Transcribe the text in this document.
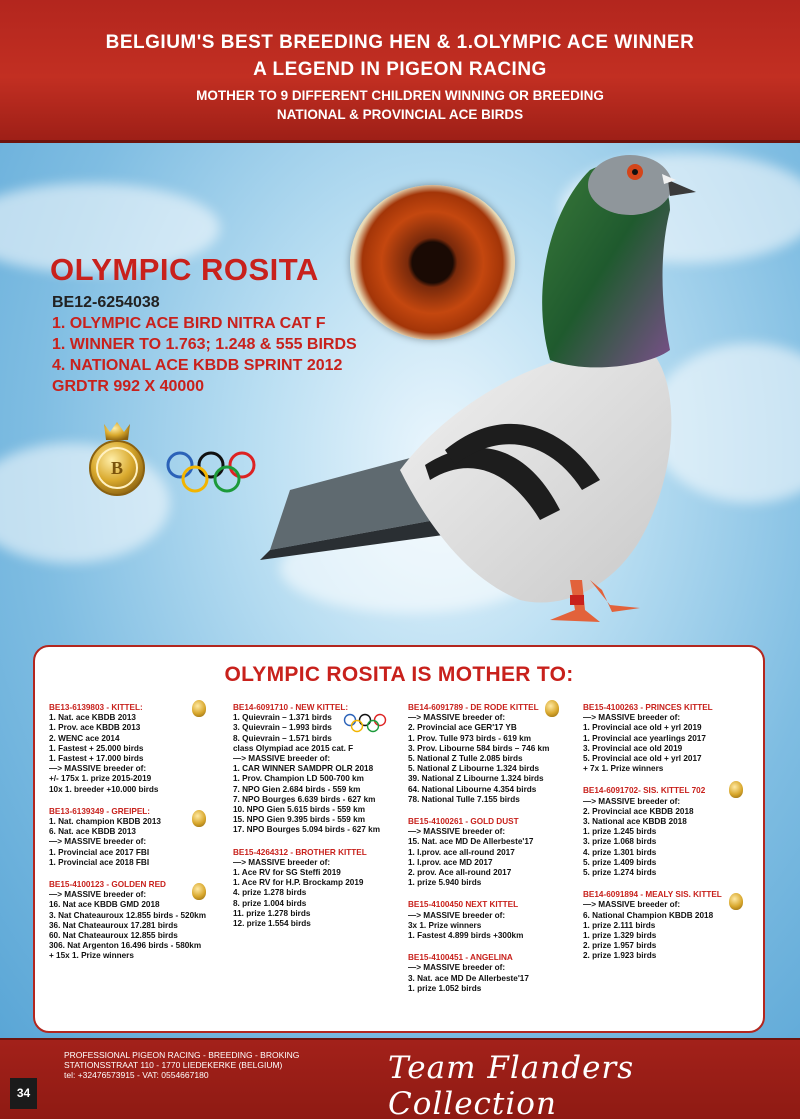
BELGIUM'S BEST BREEDING HEN & 1.OLYMPIC ACE WINNER
A LEGEND IN PIGEON RACING
MOTHER TO 9 DIFFERENT CHILDREN WINNING OR BREEDING
NATIONAL & PROVINCIAL ACE BIRDS
OLYMPIC ROSITA
BE12-6254038
1. OLYMPIC ACE BIRD NITRA CAT F
1. WINNER TO 1.763; 1.248 & 555 BIRDS
4. NATIONAL ACE KBDB SPRINT 2012
GRDTR 992 X 40000
B
OLYMPIC ROSITA IS MOTHER TO:
BE13-6139803 - KITTEL:
1. Nat. ace KBDB 2013
1. Prov. ace KBDB 2013
2. WENC ace 2014
1. Fastest + 25.000 birds
1. Fastest + 17.000 birds
—> MASSIVE breeder of:
+/- 175x 1. prize 2015-2019
10x 1. breeder +10.000 birds
BE13-6139349 - GREIPEL:
1. Nat. champion KBDB 2013
6. Nat. ace KBDB 2013
—> MASSIVE breeder of:
1. Provincial ace 2017 FBI
1. Provincial ace 2018 FBI
BE15-4100123 - GOLDEN RED
—> MASSIVE breeder of:
16. Nat ace KBDB GMD 2018
3. Nat Chateauroux 12.855 birds - 520km
36. Nat Chateauroux 17.281 birds
60. Nat Chateauroux 12.855 birds
306. Nat Argenton 16.496 birds - 580km
+ 15x 1. Prize winners
BE14-6091710 - NEW KITTEL:
1. Quievrain – 1.371 birds
3. Quievrain – 1.993 birds
8. Quievrain – 1.571 birds
class Olympiad ace 2015 cat. F
—> MASSIVE breeder of:
1. CAR WINNER SAMDPR OLR 2018
1. Prov. Champion LD 500-700 km
7. NPO Gien 2.684 birds - 559 km
7. NPO Bourges 6.639 birds - 627 km
10. NPO Gien 5.615 birds - 559 km
15. NPO Gien 9.395 birds - 559 km
17. NPO Bourges 5.094 birds - 627 km
BE15-4264312 - BROTHER KITTEL
—> MASSIVE breeder of:
1. Ace RV for SG Steffi 2019
1. Ace RV for H.P. Brockamp 2019
4. prize 1.278 birds
8. prize 1.004 birds
11. prize 1.278 birds
12. prize 1.554 birds
BE14-6091789 - DE RODE KITTEL
—> MASSIVE breeder of:
2. Provincial ace GER'17 YB
1. Prov. Tulle 973 birds - 619 km
3. Prov. Libourne 584 birds – 746 km
5. National Z Tulle 2.085 birds
5. National Z Libourne 1.324 birds
39. National Z Libourne 1.324 birds
64. National Libourne 4.354 birds
78. National Tulle 7.155 birds
BE15-4100261 - GOLD DUST
—> MASSIVE breeder of:
15. Nat. ace MD De Allerbeste'17
1. I.prov. ace all-round 2017
1. I.prov. ace MD 2017
2. prov. Ace all-round 2017
1. prize 5.940 birds
BE15-4100450 NEXT KITTEL
—> MASSIVE breeder of:
3x 1. Prize winners
1. Fastest 4.899 birds +300km
BE15-4100451 - ANGELINA
—> MASSIVE breeder of:
3. Nat. ace MD De Allerbeste'17
1. prize 1.052 birds
BE15-4100263 - PRINCES KITTEL
—> MASSIVE breeder of:
1. Provincial ace old + yrl 2019
1. Provincial ace yearlings 2017
3. Provincial ace old 2019
5. Provincial ace old + yrl 2017
+ 7x 1. Prize winners
BE14-6091702- SIS. KITTEL 702
—> MASSIVE breeder of:
2. Provincial ace KBDB 2018
3. National ace KBDB 2018
1. prize 1.245 birds
3. prize 1.068 birds
4. prize 1.301 birds
5. prize 1.409 birds
5. prize 1.274 birds
BE14-6091894 - MEALY SIS. KITTEL
—> MASSIVE breeder of:
6. National Champion KBDB 2018
1. prize 2.111 birds
1. prize 1.329 birds
2. prize 1.957 birds
2. prize 1.923 birds
PROFESSIONAL PIGEON RACING - BREEDING - BROKING
STATIONSSTRAAT 110 - 1770 LIEDEKERKE (BELGIUM)
tel: +32476573915 - VAT: 0554667180	Team Flanders Collection
34
